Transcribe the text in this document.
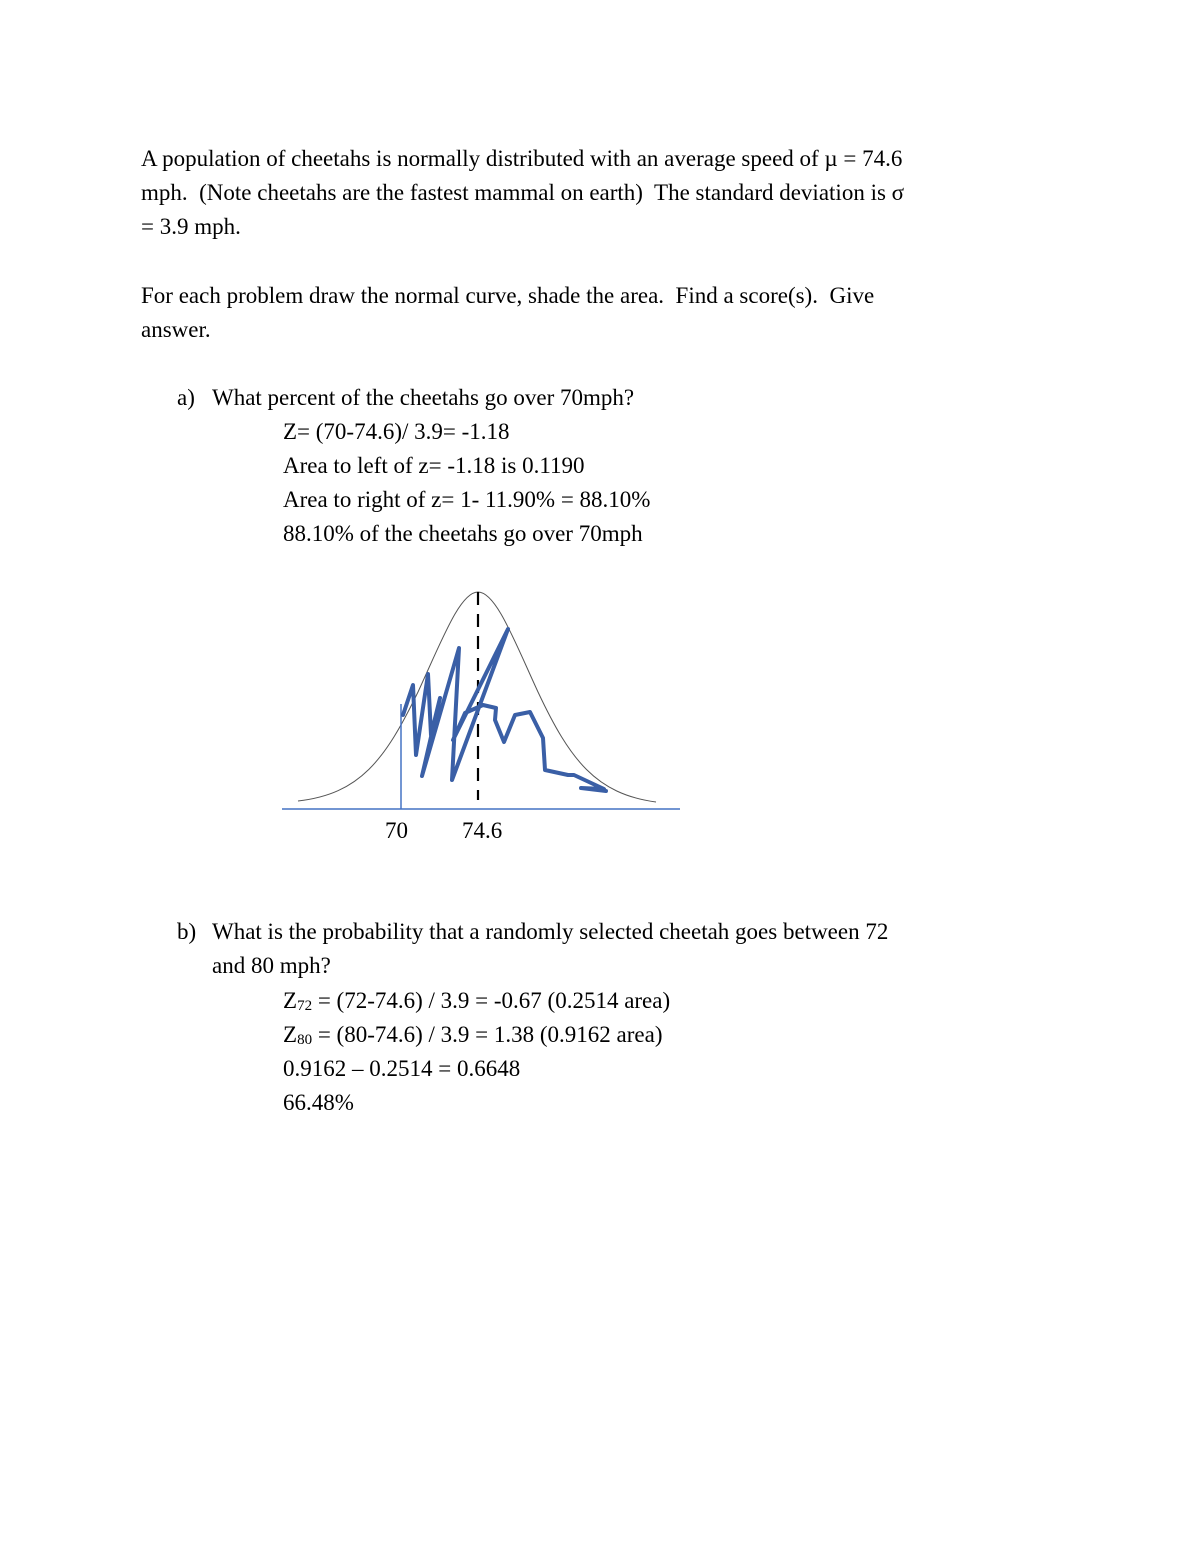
A population of cheetahs is normally distributed with an average speed of µ = 74.6
mph.  (Note cheetahs are the fastest mammal on earth)  The standard deviation is σ
= 3.9 mph.
For each problem draw the normal curve, shade the area.  Find a score(s).  Give
answer.
a) What percent of the cheetahs go over 70mph?
Z= (70-74.6)/ 3.9= -1.18
Area to left of z= -1.18 is 0.1190
Area to right of z= 1- 11.90% = 88.10%
88.10% of the cheetahs go over 70mph
70 74.6
b) What is the probability that a randomly selected cheetah goes between 72
and 80 mph?
Z72 = (72-74.6) / 3.9 = -0.67 (0.2514 area)
Z80 = (80-74.6) / 3.9 = 1.38 (0.9162 area)
0.9162 – 0.2514 = 0.6648
66.48%
